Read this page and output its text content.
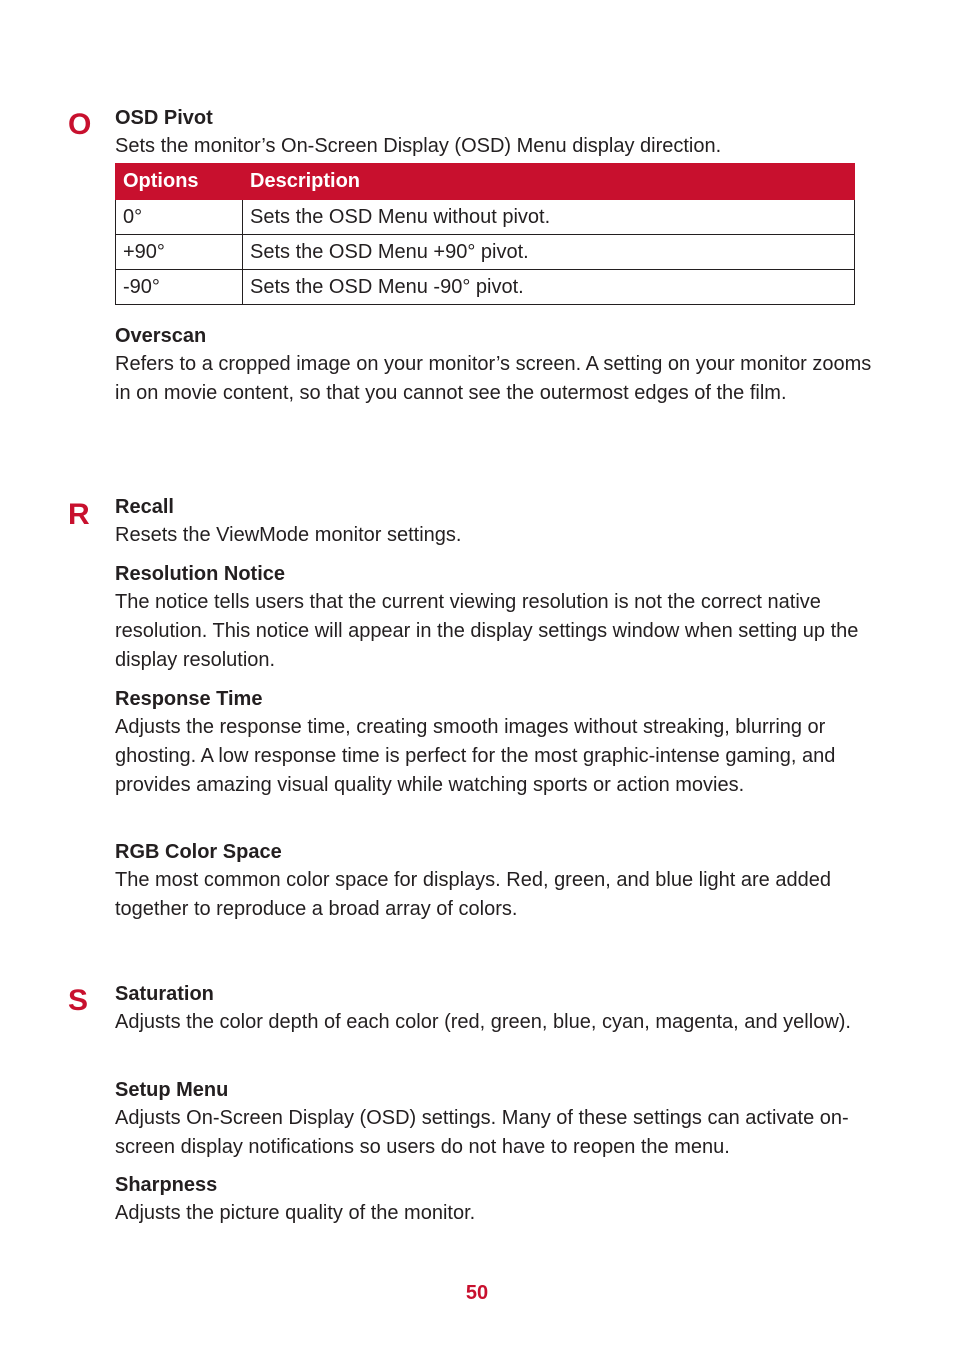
O OSD Pivot

Sets the monitor’s On-Screen Display (OSD) Menu display direction.

Options	Description
0°	Sets the OSD Menu without pivot.
+90°	Sets the OSD Menu +90° pivot.
-90°	Sets the OSD Menu -90° pivot.

Overscan

Refers to a cropped image on your monitor’s screen. A setting on your monitor zooms in on movie content, so that you cannot see the outermost edges of the film.

R Recall

Resets the ViewMode monitor settings.

Resolution Notice

The notice tells users that the current viewing resolution is not the correct native resolution. This notice will appear in the display settings window when setting up the display resolution.

Response Time

Adjusts the response time, creating smooth images without streaking, blurring or ghosting. A low response time is perfect for the most graphic-intense gaming, and provides amazing visual quality while watching sports or action movies.

RGB Color Space

The most common color space for displays. Red, green, and blue light are added together to reproduce a broad array of colors.

S Saturation

Adjusts the color depth of each color (red, green, blue, cyan, magenta, and yellow).

Setup Menu

Adjusts On-Screen Display (OSD) settings. Many of these settings can activate on-screen display notifications so users do not have to reopen the menu.

Sharpness

Adjusts the picture quality of the monitor.

50
